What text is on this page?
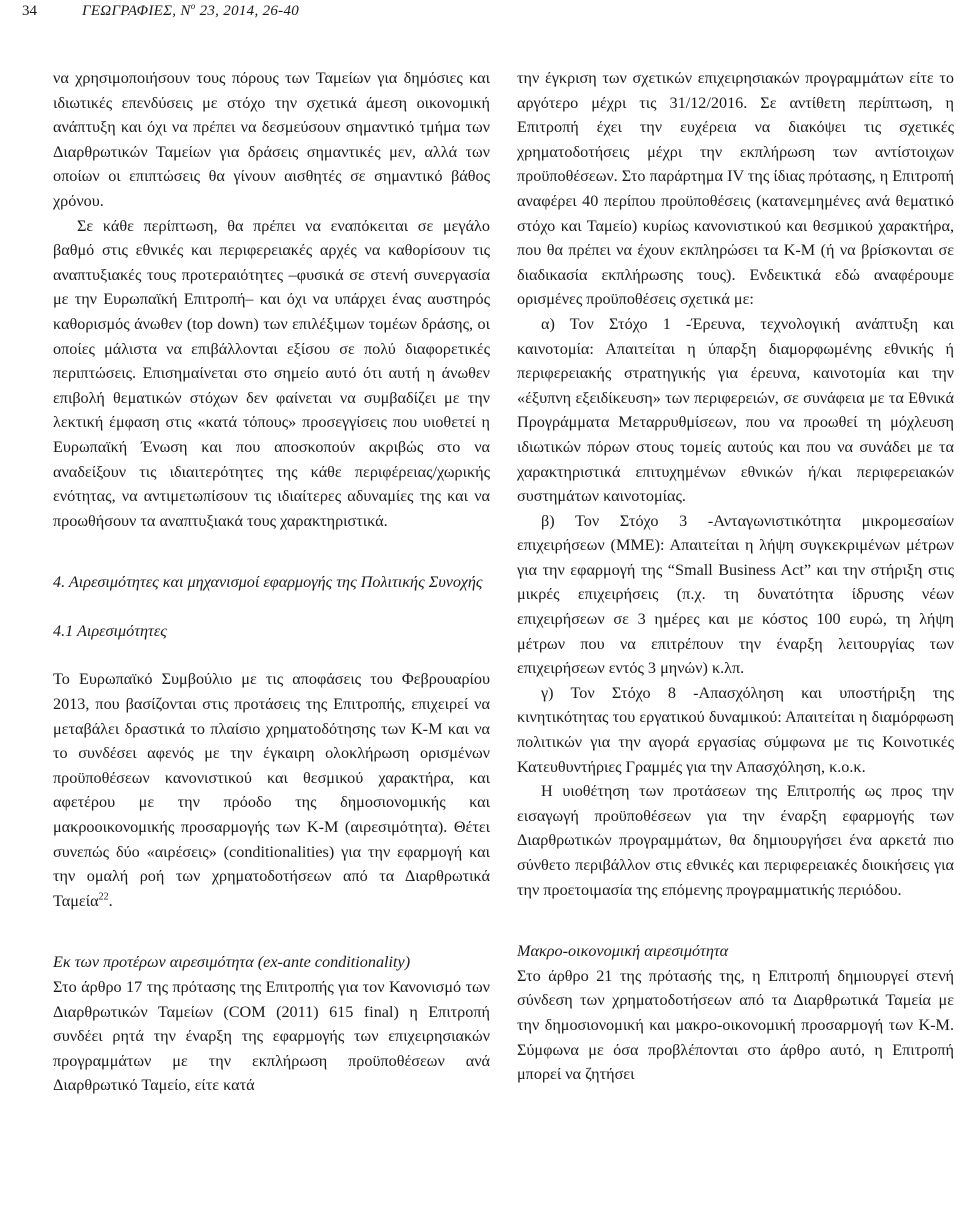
34	ΓΕΩΓΡΑΦΙΕΣ, $N^o$ 23, 2014, 26-40

να χρησιμοποιήσουν τους πόρους των Ταμείων για δημόσιες και ιδιωτικές επενδύσεις με στόχο την σχετικά άμεση οικονομική ανάπτυξη και όχι να πρέπει να δεσμεύσουν σημαντικό τμήμα των Διαρθρωτικών Ταμείων για δράσεις σημαντικές μεν, αλλά των οποίων οι επιπτώσεις θα γίνουν αισθητές σε σημαντικό βάθος χρόνου.

Σε κάθε περίπτωση, θα πρέπει να εναπόκειται σε μεγάλο βαθμό στις εθνικές και περιφερειακές αρχές να καθορίσουν τις αναπτυξιακές τους προτεραιότητες –φυσικά σε στενή συνεργασία με την Ευρωπαϊκή Επιτροπή– και όχι να υπάρχει ένας αυστηρός καθορισμός άνωθεν (top down) των επιλέξιμων τομέων δράσης, οι οποίες μάλιστα να επιβάλλονται εξίσου σε πολύ διαφορετικές περιπτώσεις. Επισημαίνεται στο σημείο αυτό ότι αυτή η άνωθεν επιβολή θεματικών στόχων δεν φαίνεται να συμβαδίζει με την λεκτική έμφαση στις «κατά τόπους» προσεγγίσεις που υιοθετεί η Ευρωπαϊκή Ένωση και που αποσκοπούν ακριβώς στο να αναδείξουν τις ιδιαιτερότητες της κάθε περιφέρειας/χωρικής ενότητας, να αντιμετωπίσουν τις ιδιαίτερες αδυναμίες της και να προωθήσουν τα αναπτυξιακά τους χαρακτηριστικά.

4. Αιρεσιμότητες και μηχανισμοί εφαρμογής της Πολιτικής Συνοχής

4.1 Αιρεσιμότητες

Το Ευρωπαϊκό Συμβούλιο με τις αποφάσεις του Φεβρουαρίου 2013, που βασίζονται στις προτάσεις της Επιτροπής, επιχειρεί να μεταβάλει δραστικά το πλαίσιο χρηματοδότησης των Κ-Μ και να το συνδέσει αφενός με την έγκαιρη ολοκλήρωση ορισμένων προϋποθέσεων κανονιστικού και θεσμικού χαρακτήρα, και αφετέρου με την πρόοδο της δημοσιονομικής και μακροοικονομικής προσαρμογής των Κ-Μ (αιρεσιμότητα). Θέτει συνεπώς δύο «αιρέσεις» (conditionalities) για την εφαρμογή και την ομαλή ροή των χρηματοδοτήσεων από τα Διαρθρωτικά Ταμεία$^{22}$.

Εκ των προτέρων αιρεσιμότητα (ex-ante conditionality)

Στο άρθρο 17 της πρότασης της Επιτροπής για τον Κανονισμό των Διαρθρωτικών Ταμείων (COM (2011) 615 final) η Επιτροπή συνδέει ρητά την έναρξη της εφαρμογής των επιχειρησιακών προγραμμάτων με την εκπλήρωση προϋποθέσεων ανά Διαρθρωτικό Ταμείο, είτε κατά

την έγκριση των σχετικών επιχειρησιακών προγραμμάτων είτε το αργότερο μέχρι τις 31/12/2016. Σε αντίθετη περίπτωση, η Επιτροπή έχει την ευχέρεια να διακόψει τις σχετικές χρηματοδοτήσεις μέχρι την εκπλήρωση των αντίστοιχων προϋποθέσεων. Στο παράρτημα IV της ίδιας πρότασης, η Επιτροπή αναφέρει 40 περίπου προϋποθέσεις (κατανεμημένες ανά θεματικό στόχο και Ταμείο) κυρίως κανονιστικού και θεσμικού χαρακτήρα, που θα πρέπει να έχουν εκπληρώσει τα Κ-Μ (ή να βρίσκονται σε διαδικασία εκπλήρωσης τους). Ενδεικτικά εδώ αναφέρουμε ορισμένες προϋποθέσεις σχετικά με:

α) Τον Στόχο 1 -Έρευνα, τεχνολογική ανάπτυξη και καινοτομία: Απαιτείται η ύπαρξη διαμορφωμένης εθνικής ή περιφερειακής στρατηγικής για έρευνα, καινοτομία και την «έξυπνη εξειδίκευση» των περιφερειών, σε συνάφεια με τα Εθνικά Προγράμματα Μεταρρυθμίσεων, που να προωθεί τη μόχλευση ιδιωτικών πόρων στους τομείς αυτούς και που να συνάδει με τα χαρακτηριστικά επιτυχημένων εθνικών ή/και περιφερειακών συστημάτων καινοτομίας.

β) Τον Στόχο 3 -Ανταγωνιστικότητα μικρομεσαίων επιχειρήσεων (ΜΜΕ): Απαιτείται η λήψη συγκεκριμένων μέτρων για την εφαρμογή της “Small Business Act” και την στήριξη στις μικρές επιχειρήσεις (π.χ. τη δυνατότητα ίδρυσης νέων επιχειρήσεων σε 3 ημέρες και με κόστος 100 ευρώ, τη λήψη μέτρων που να επιτρέπουν την έναρξη λειτουργίας των επιχειρήσεων εντός 3 μηνών) κ.λπ.

γ) Τον Στόχο 8 -Απασχόληση και υποστήριξη της κινητικότητας του εργατικού δυναμικού: Απαιτείται η διαμόρφωση πολιτικών για την αγορά εργασίας σύμφωνα με τις Κοινοτικές Κατευθυντήριες Γραμμές για την Απασχόληση, κ.ο.κ.

Η υιοθέτηση των προτάσεων της Επιτροπής ως προς την εισαγωγή προϋποθέσεων για την έναρξη εφαρμογής των Διαρθρωτικών προγραμμάτων, θα δημιουργήσει ένα αρκετά πιο σύνθετο περιβάλλον στις εθνικές και περιφερειακές διοικήσεις για την προετοιμασία της επόμενης προγραμματικής περιόδου.

Μακρο-οικονομική αιρεσιμότητα

Στο άρθρο 21 της πρότασής της, η Επιτροπή δημιουργεί στενή σύνδεση των χρηματοδοτήσεων από τα Διαρθρωτικά Ταμεία με την δημοσιονομική και μακρο-οικονομική προσαρμογή των Κ-Μ. Σύμφωνα με όσα προβλέπονται στο άρθρο αυτό, η Επιτροπή μπορεί να ζητήσει
